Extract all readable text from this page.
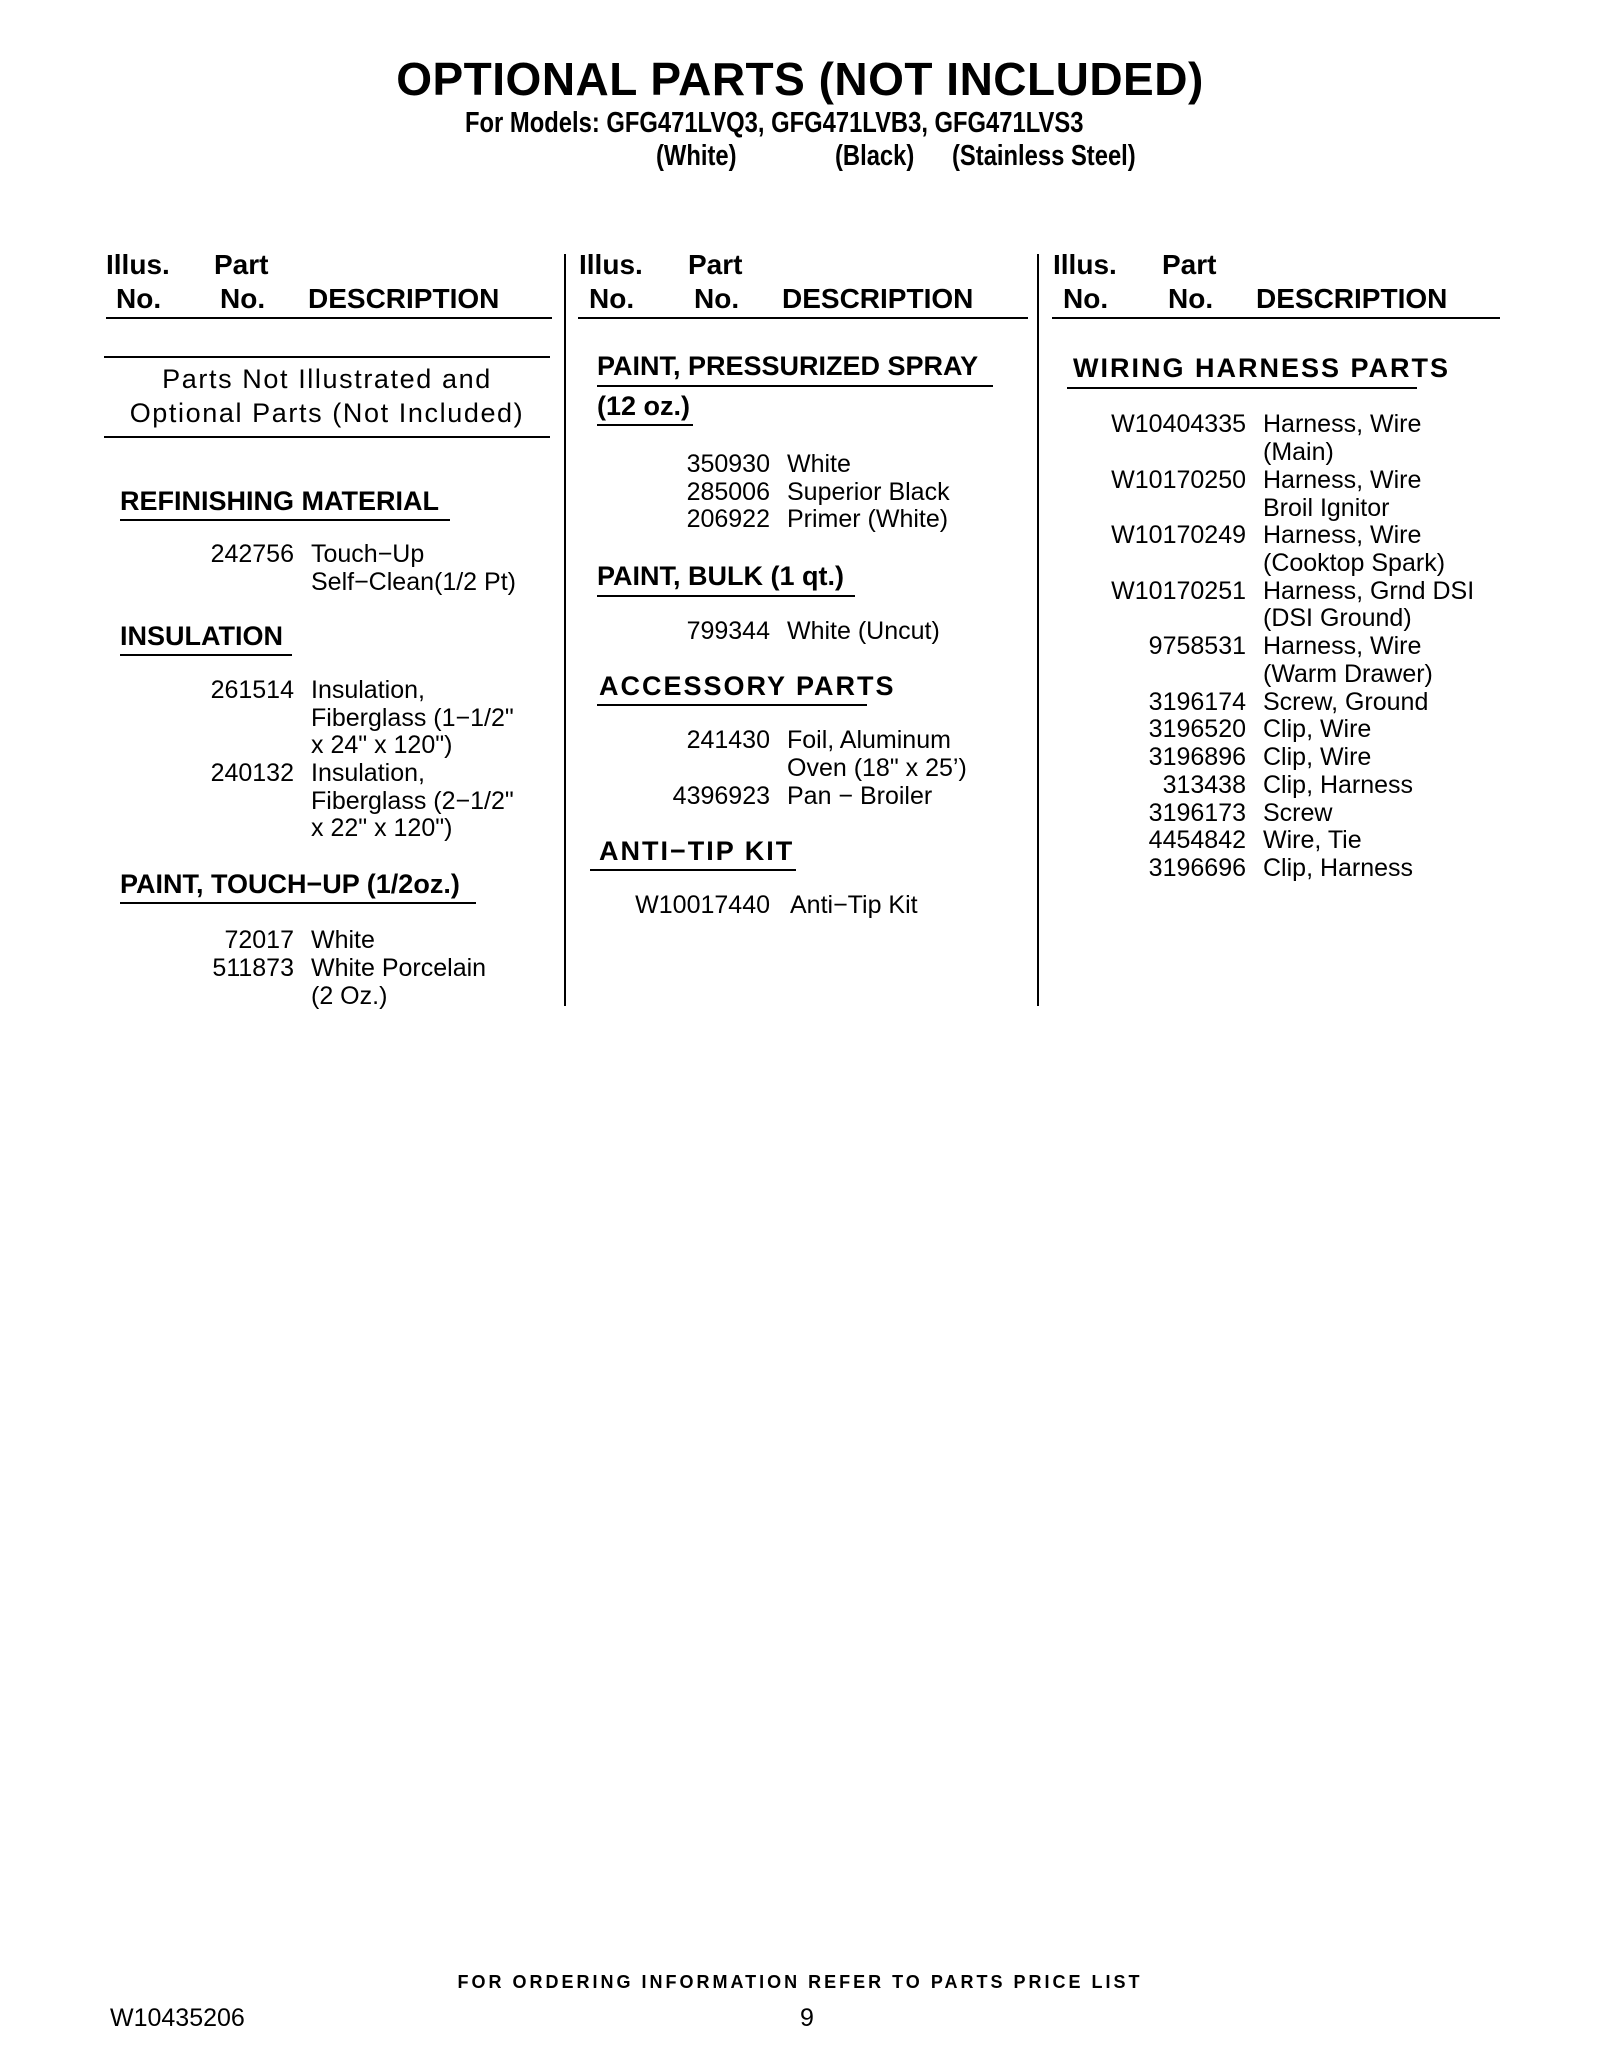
OPTIONAL PARTS (NOT INCLUDED)
For Models: GFG471LVQ3, GFG471LVB3, GFG471LVS3
(White)	(Black) (Stainless Steel)
Illus. Part
No. No. DESCRIPTION
Illus. Part
No. No. DESCRIPTION
Illus. Part
No. No. DESCRIPTION
Parts Not Illustrated and
Optional Parts (Not Included)
REFINISHING MATERIAL
242756 Touch−Up
Self−Clean(1/2 Pt)
INSULATION
261514 Insulation,
Fiberglass (1−1/2"
x 24" x 120")
240132 Insulation,
Fiberglass (2−1/2"
x 22" x 120")
PAINT, TOUCH−UP (1/2oz.)
72017 White
511873 White Porcelain
(2 Oz.)
PAINT, PRESSURIZED SPRAY
(12 oz.)
350930 White
285006 Superior Black
206922 Primer (White)
PAINT, BULK (1 qt.)
799344 White (Uncut)
ACCESSORY PARTS
241430 Foil, Aluminum
Oven (18" x 25’)
4396923 Pan − Broiler
ANTI−TIP KIT
W10017440 Anti−Tip Kit
WIRING HARNESS PARTS
W10404335 Harness, Wire
(Main)
W10170250 Harness, Wire
Broil Ignitor
W10170249 Harness, Wire
(Cooktop Spark)
W10170251 Harness, Grnd DSI
(DSI Ground)
9758531 Harness, Wire
(Warm Drawer)
3196174 Screw, Ground
3196520 Clip, Wire
3196896 Clip, Wire
313438 Clip, Harness
3196173 Screw
4454842 Wire, Tie
3196696 Clip, Harness
FOR ORDERING INFORMATION REFER TO PARTS PRICE LIST
W10435206	9
